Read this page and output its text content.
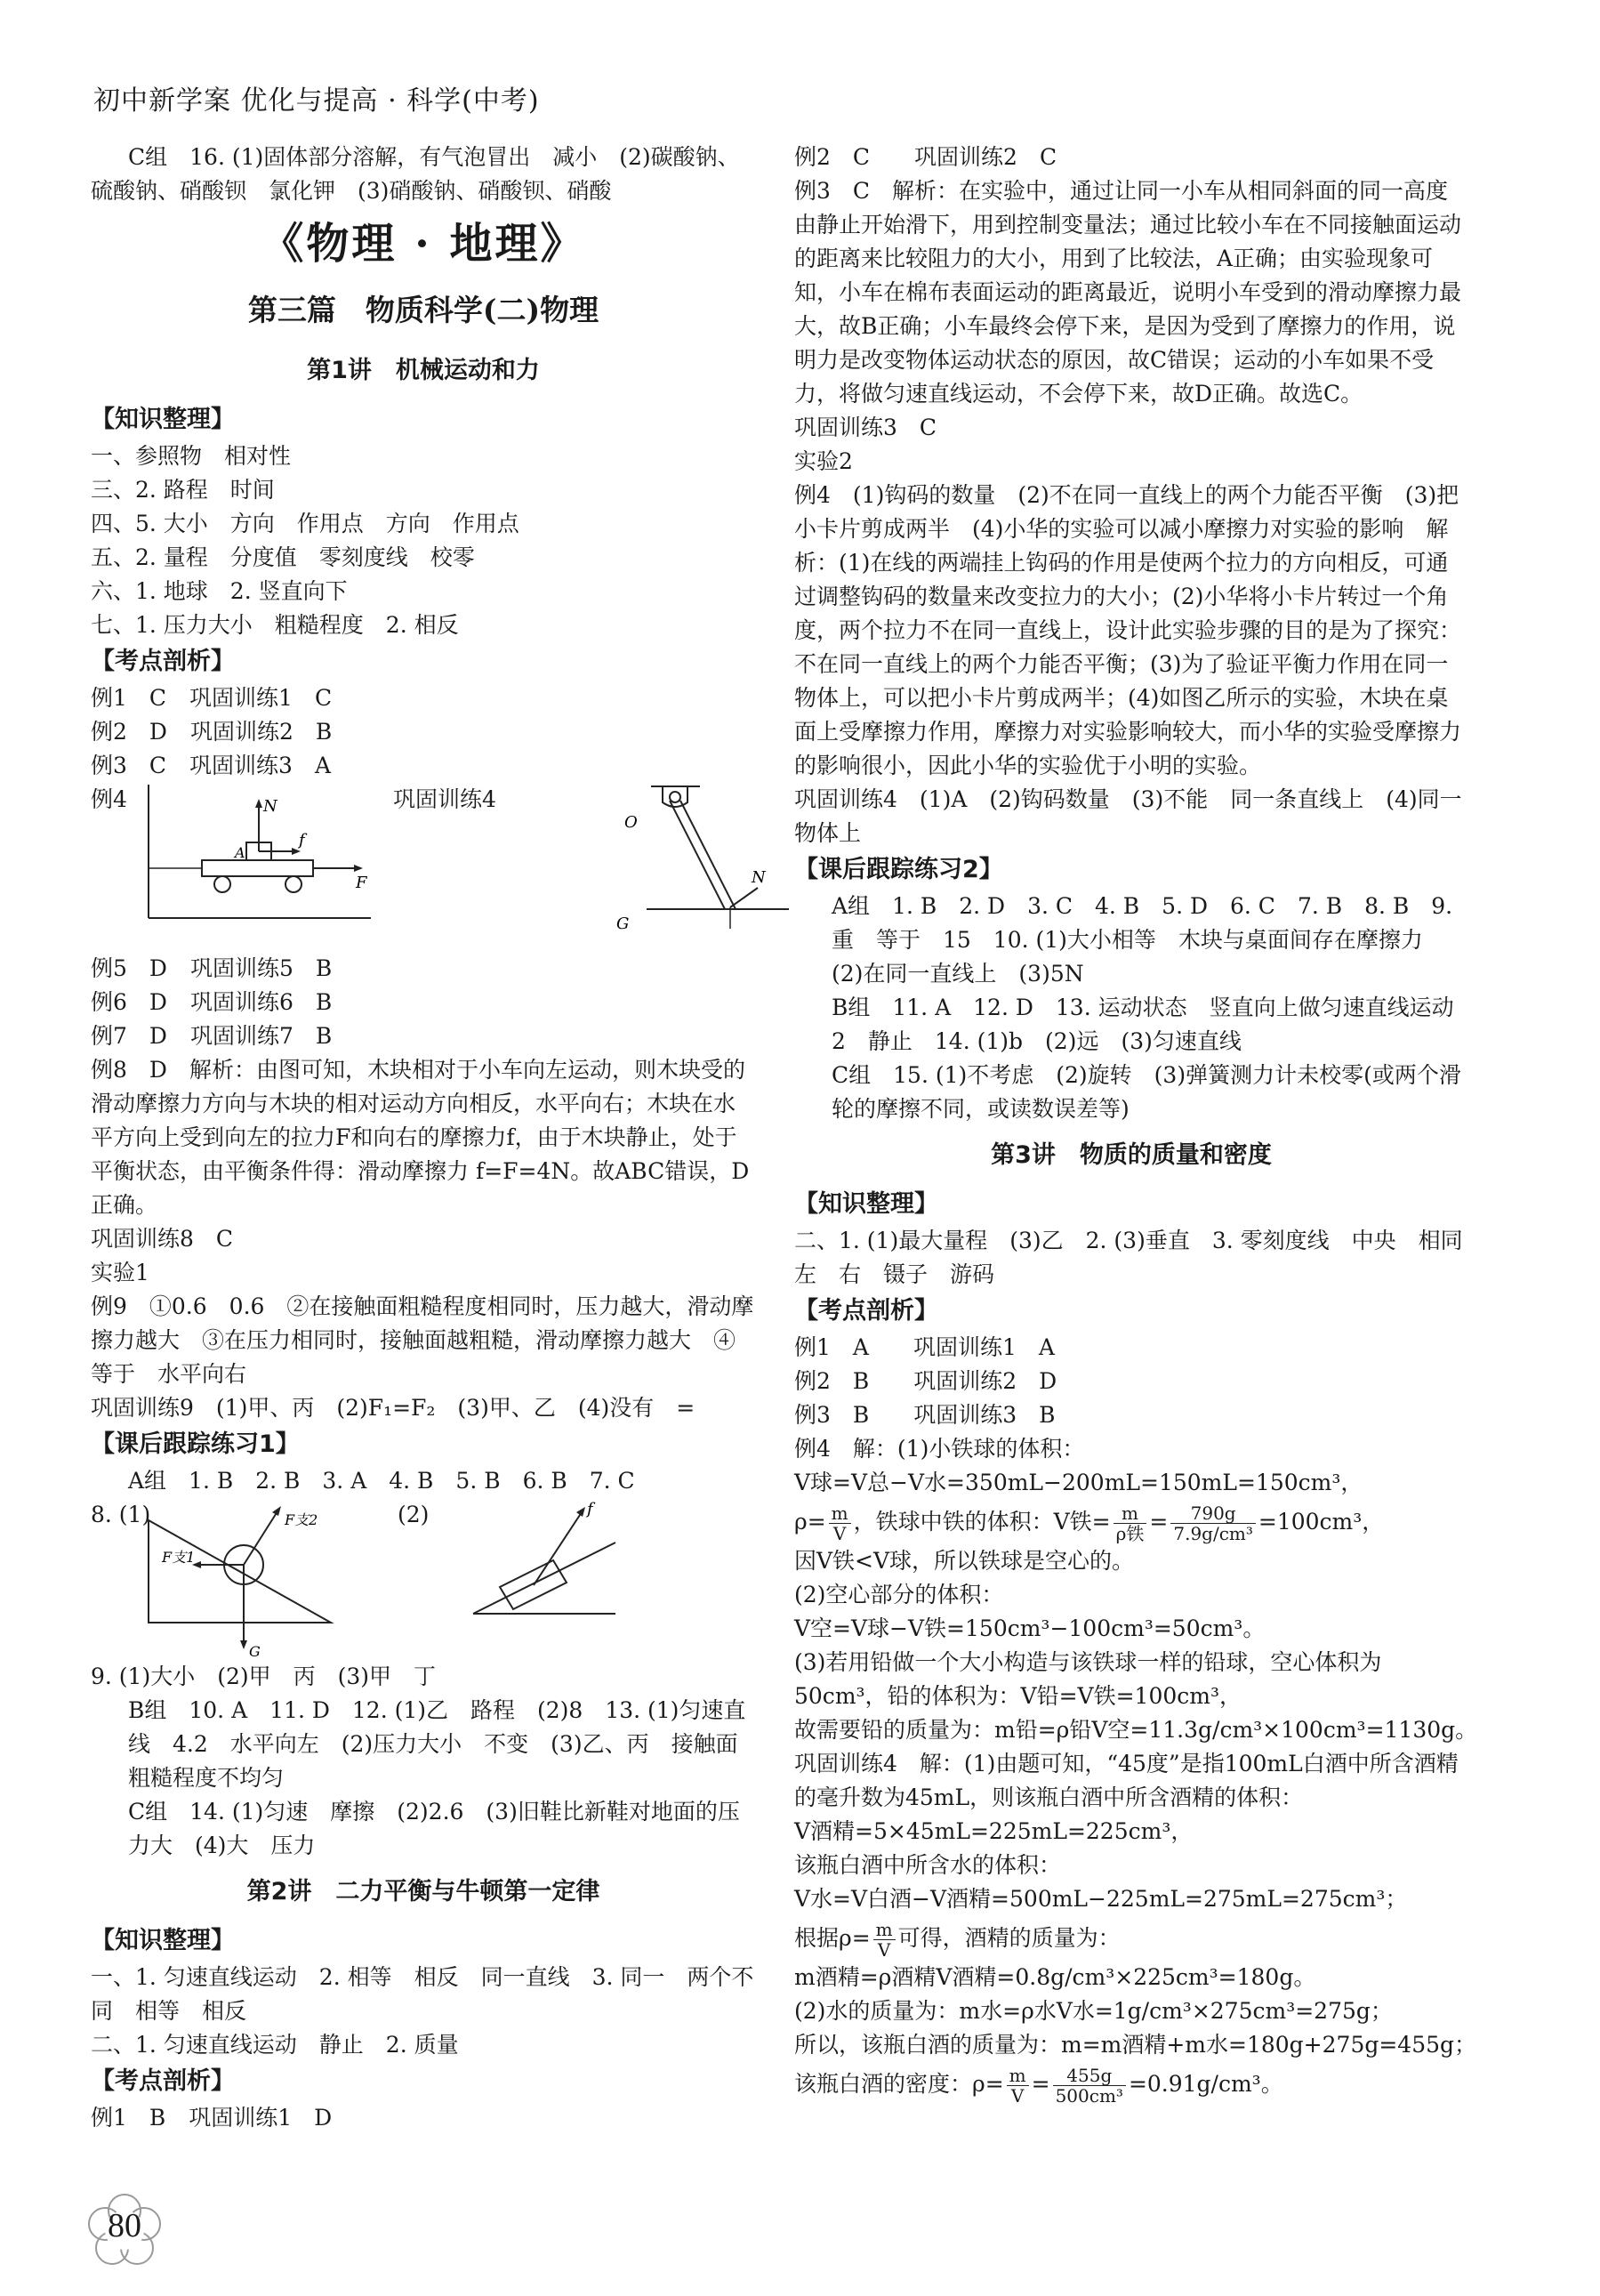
初中新学案 优化与提高 · 科学(中考)
C组　16. (1)固体部分溶解，有气泡冒出　减小　(2)碳酸钠、
硫酸钠、硝酸钡　氯化钾　(3)硝酸钠、硝酸钡、硝酸
《物理 · 地理》
第三篇　物质科学(二)物理
第1讲　机械运动和力
【知识整理】
一、参照物　相对性
三、2. 路程　时间
四、5. 大小　方向　作用点　方向　作用点
五、2. 量程　分度值　零刻度线　校零
六、1. 地球　2. 竖直向下
七、1. 压力大小　粗糙程度　2. 相反
【考点剖析】
例1　C 巩固训练1　C
例2　D 巩固训练2　B
例3　C 巩固训练3　A
例4	巩固训练4
N
f
F
A
O
N
G
例5　D 巩固训练5　B
例6　D 巩固训练6　B
例7　D 巩固训练7　B
例8　D　解析：由图可知，木块相对于小车向左运动，则木块受的滑动摩擦力方向与木块的相对运动方向相反，水平向右；木块在水平方向上受到向左的拉力F和向右的摩擦力f，由于木块静止，处于平衡状态，由平衡条件得：滑动摩擦力 f=F=4N。故ABC错误，D正确。
巩固训练8　C
实验1
例9　①0.6　0.6　②在接触面粗糙程度相同时，压力越大，滑动摩擦力越大　③在压力相同时，接触面越粗糙，滑动摩擦力越大　④等于　水平向右
巩固训练9　(1)甲、丙　(2)F₁=F₂　(3)甲、乙　(4)没有　=
【课后跟踪练习1】
A组　1. B　2. B　3. A　4. B　5. B　6. B　7. C
8. (1)	(2)
F支2
F支1
G
f
9. (1)大小　(2)甲　丙　(3)甲　丁
B组　10. A　11. D　12. (1)乙　路程　(2)8　13. (1)匀速直线　4.2　水平向左　(2)压力大小　不变　(3)乙、丙　接触面粗糙程度不均匀
C组　14. (1)匀速　摩擦　(2)2.6　(3)旧鞋比新鞋对地面的压力大　(4)大　压力
第2讲　二力平衡与牛顿第一定律
【知识整理】
一、1. 匀速直线运动　2. 相等　相反　同一直线　3. 同一　两个不同　相等　相反
二、1. 匀速直线运动　静止　2. 质量
【考点剖析】
例1　B 巩固训练1　D
例2　C　　巩固训练2　C
例3　C　解析：在实验中，通过让同一小车从相同斜面的同一高度由静止开始滑下，用到控制变量法；通过比较小车在不同接触面运动的距离来比较阻力的大小，用到了比较法，A正确；由实验现象可知，小车在棉布表面运动的距离最近，说明小车受到的滑动摩擦力最大，故B正确；小车最终会停下来，是因为受到了摩擦力的作用，说明力是改变物体运动状态的原因，故C错误；运动的小车如果不受力，将做匀速直线运动，不会停下来，故D正确。故选C。
巩固训练3　C
实验2
例4　(1)钩码的数量　(2)不在同一直线上的两个力能否平衡　(3)把小卡片剪成两半　(4)小华的实验可以减小摩擦力对实验的影响　解析：(1)在线的两端挂上钩码的作用是使两个拉力的方向相反，可通过调整钩码的数量来改变拉力的大小；(2)小华将小卡片转过一个角度，两个拉力不在同一直线上，设计此实验步骤的目的是为了探究：不在同一直线上的两个力能否平衡；(3)为了验证平衡力作用在同一物体上，可以把小卡片剪成两半；(4)如图乙所示的实验，木块在桌面上受摩擦力作用，摩擦力对实验影响较大，而小华的实验受摩擦力的影响很小，因此小华的实验优于小明的实验。
巩固训练4　(1)A　(2)钩码数量　(3)不能　同一条直线上　(4)同一物体上
【课后跟踪练习2】
A组　1. B　2. D　3. C　4. B　5. D　6. C　7. B　8. B　9. 重　等于　15　10. (1)大小相等　木块与桌面间存在摩擦力　(2)在同一直线上　(3)5N
B组　11. A　12. D　13. 运动状态　竖直向上做匀速直线运动　2　静止　14. (1)b　(2)远　(3)匀速直线
C组　15. (1)不考虑　(2)旋转　(3)弹簧测力计未校零(或两个滑轮的摩擦不同，或读数误差等)
第3讲　物质的质量和密度
【知识整理】
二、1. (1)最大量程　(3)乙　2. (3)垂直　3. 零刻度线　中央　相同　左　右　镊子　游码
【考点剖析】
例1　A　　巩固训练1　A
例2　B　　巩固训练2　D
例3　B　　巩固训练3　B
例4　解：(1)小铁球的体积：
V球=V总−V水=350mL−200mL=150mL=150cm³，
$\rho= \frac{m}{V}$ ，铁球中铁的体积：V铁= $\frac{m}{\text{ρ铁}} = \frac{790g}{\text{7.9g/cm³}} =100cm^3$，
因V铁<V球，所以铁球是空心的。
(2)空心部分的体积：
V空=V球−V铁=150cm³−100cm³=50cm³。
(3)若用铅做一个大小构造与该铁球一样的铅球，空心体积为50cm³，铅的体积为：V铅=V铁=100cm³，
故需要铅的质量为：m铅=ρ铅V空=11.3g/cm³×100cm³=1130g。
巩固训练4　解：(1)由题可知，“45度”是指100mL白酒中所含酒精的毫升数为45mL，则该瓶白酒中所含酒精的体积：
V酒精=5×45mL=225mL=225cm³，
该瓶白酒中所含水的体积：
V水=V白酒−V酒精=500mL−225mL=275mL=275cm³；
根据$\rho= \frac{m}{V}$ 可得，酒精的质量为：
m酒精=ρ酒精V酒精=0.8g/cm³×225cm³=180g。
(2)水的质量为：m水=ρ水V水=1g/cm³×275cm³=275g；
所以，该瓶白酒的质量为：m=m酒精+m水=180g+275g=455g；
该瓶白酒的密度：$\rho= \frac{m}{V} = \frac{455g}{\text{500cm³}} =0.91g/cm^3$。
80
